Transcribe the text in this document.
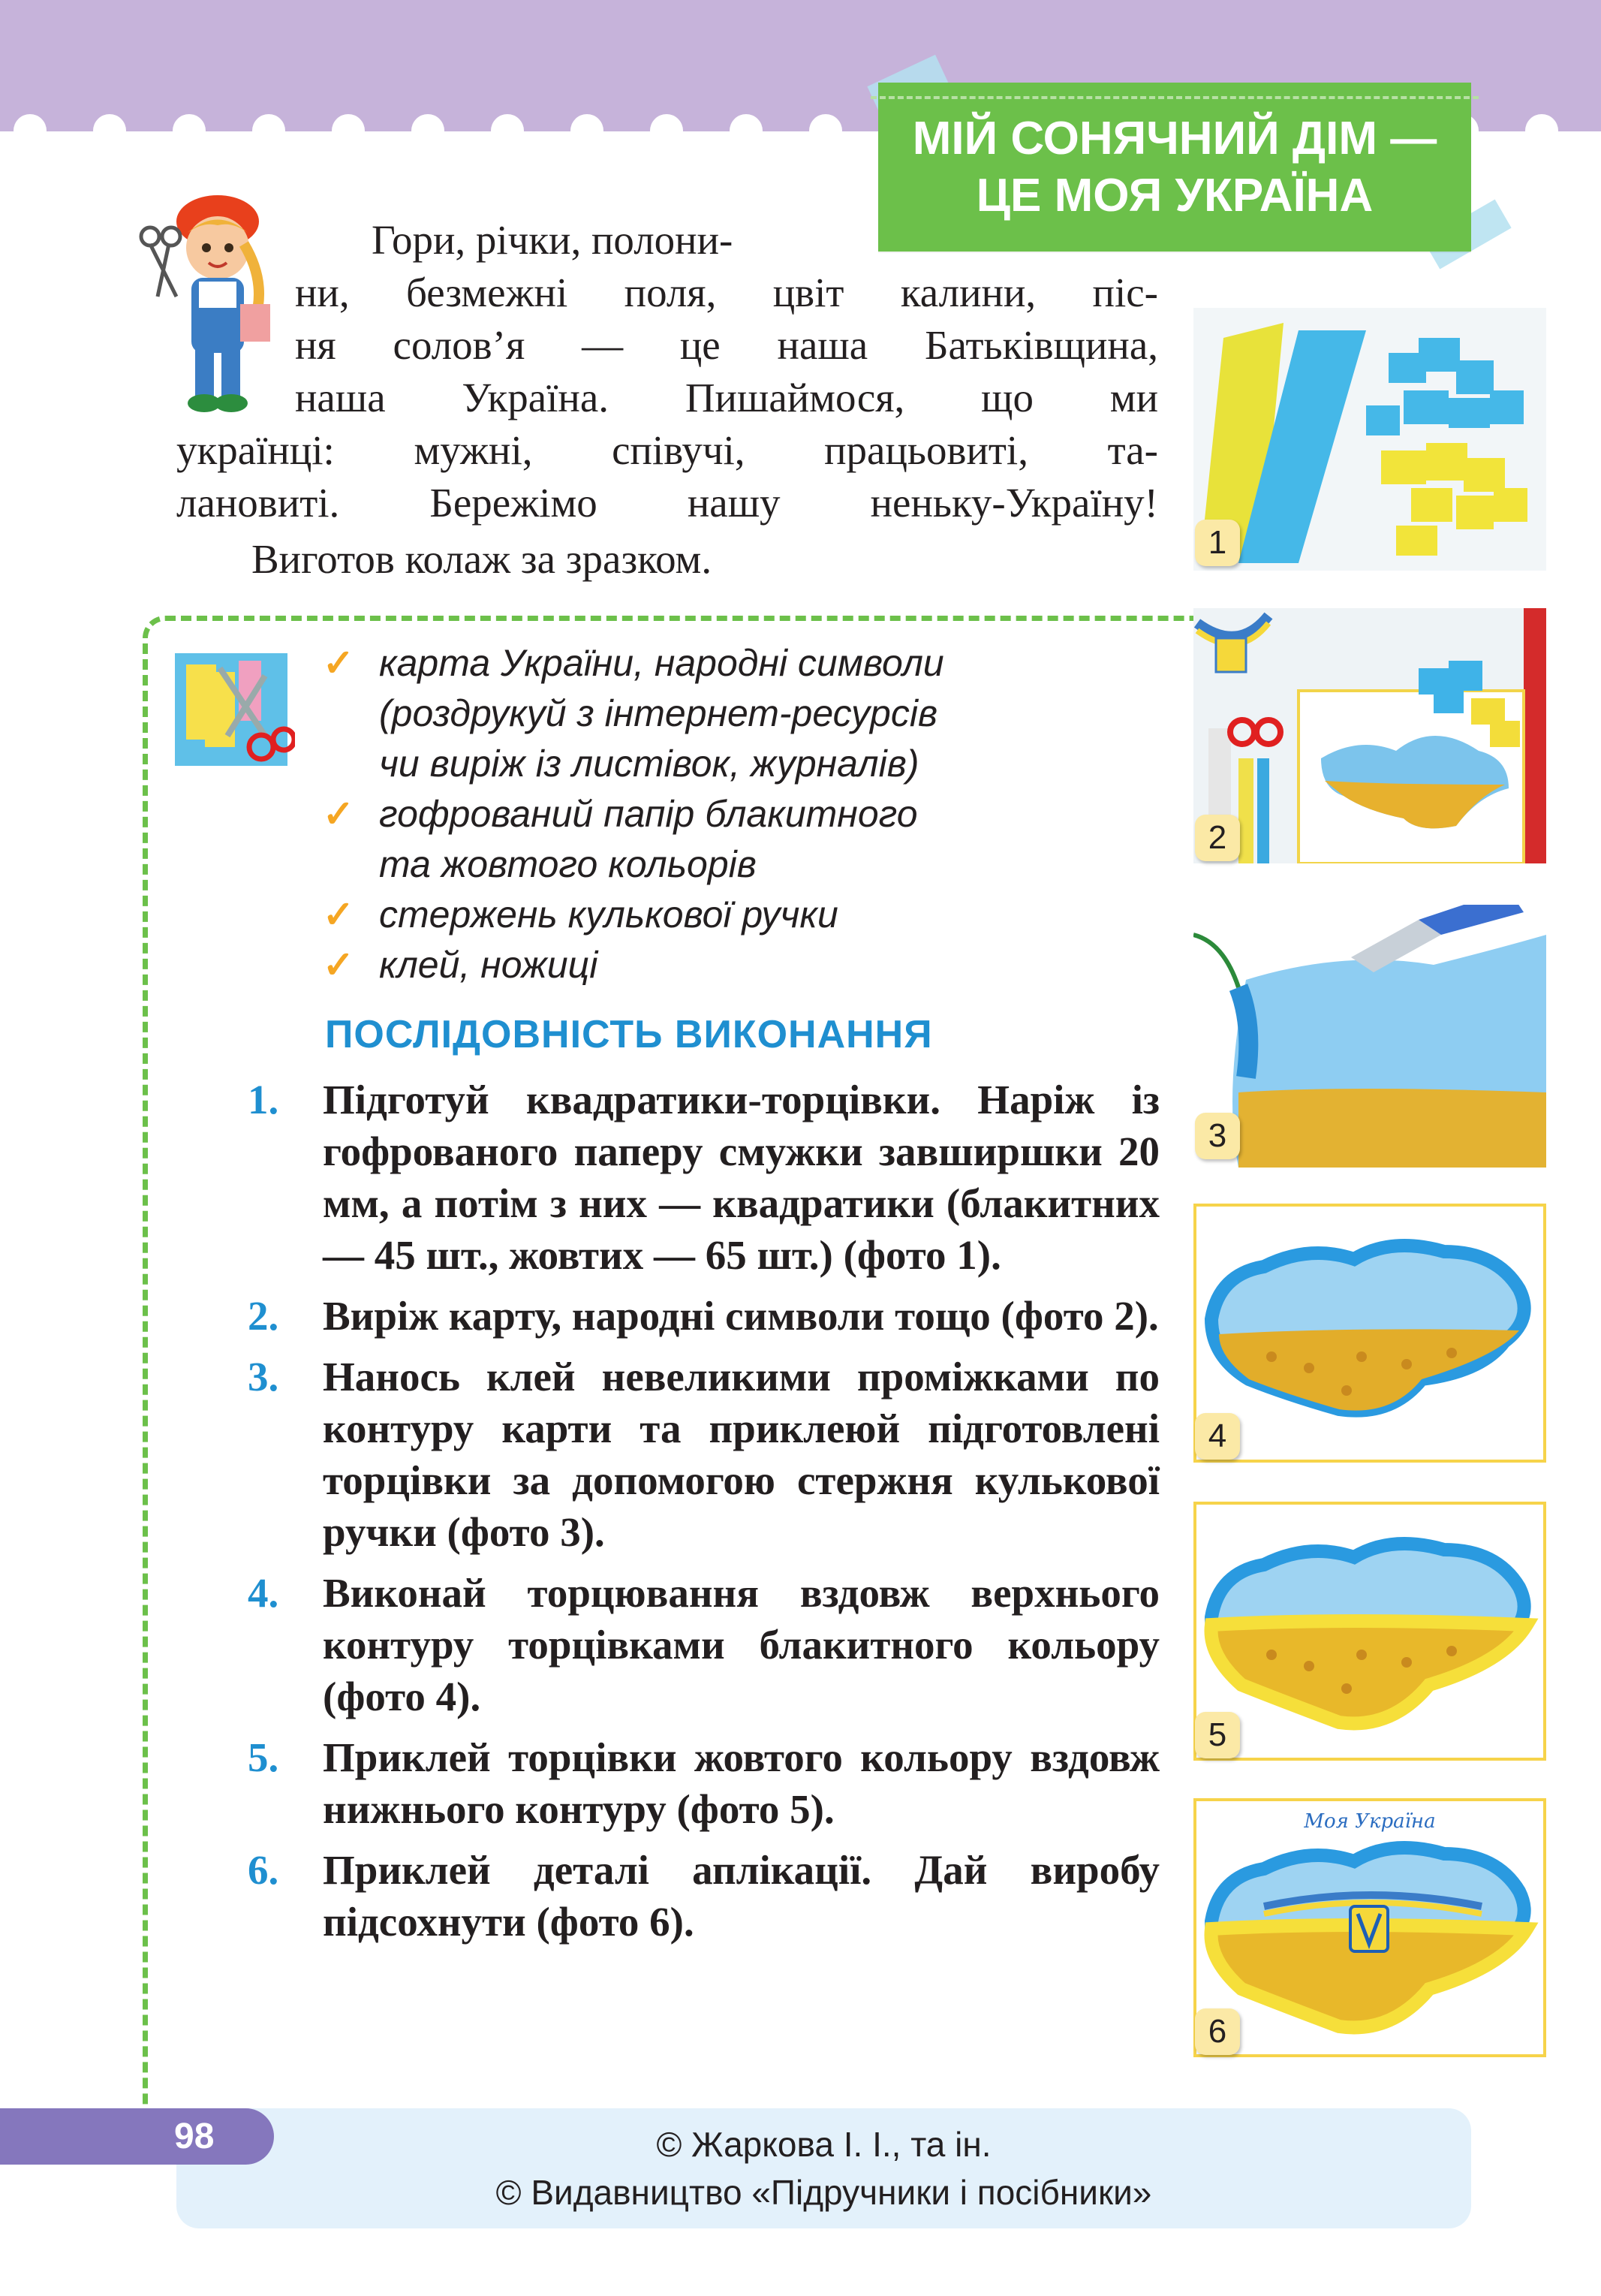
МІЙ СОНЯЧНИЙ ДІМ —
ЦЕ МОЯ УКРАЇНА
Гори, річки, полони-
ни, безмежні поля, цвіт калини, піс-
ня солов’я — це наша Батьківщина,
наша Україна. Пишаймося, що ми
українці: мужні, співучі, працьовиті, та-
лановиті. Бережімо нашу неньку-Україну!
Виготов колаж за зразком.
✓ карта України, народні символи
(роздрукуй з інтернет-ресурсів
чи виріж із листівок, журналів)
✓ гофрований папір блакитного
та жовтого кольорів
✓ стержень кулькової ручки
✓ клей, ножиці
ПОСЛІДОВНІСТЬ ВИКОНАННЯ
1. Підготуй квадратики-торцівки. Наріж із гофрованого паперу смужки завширшки 20 мм, а потім з них — квадратики (блакитних — 45 шт., жовтих — 65 шт.) (фото 1).
2. Виріж карту, народні символи тощо (фото 2).
3. Нанось клей невеликими проміжками по контуру карти та приклеюй підготовлені торцівки за допомогою стержня кулькової ручки (фото 3).
4. Виконай торцювання вздовж верхнього контуру торцівками блакитного кольору (фото 4).
5. Приклей торцівки жовтого кольору вздовж нижнього контуру (фото 5).
6. Приклей деталі аплікації. Дай виробу підсохнути (фото 6).
1
2
3
4
5
Моя Україна
6
© Жаркова І. І., та ін.
© Видавництво «Підручники і посібники»
98
